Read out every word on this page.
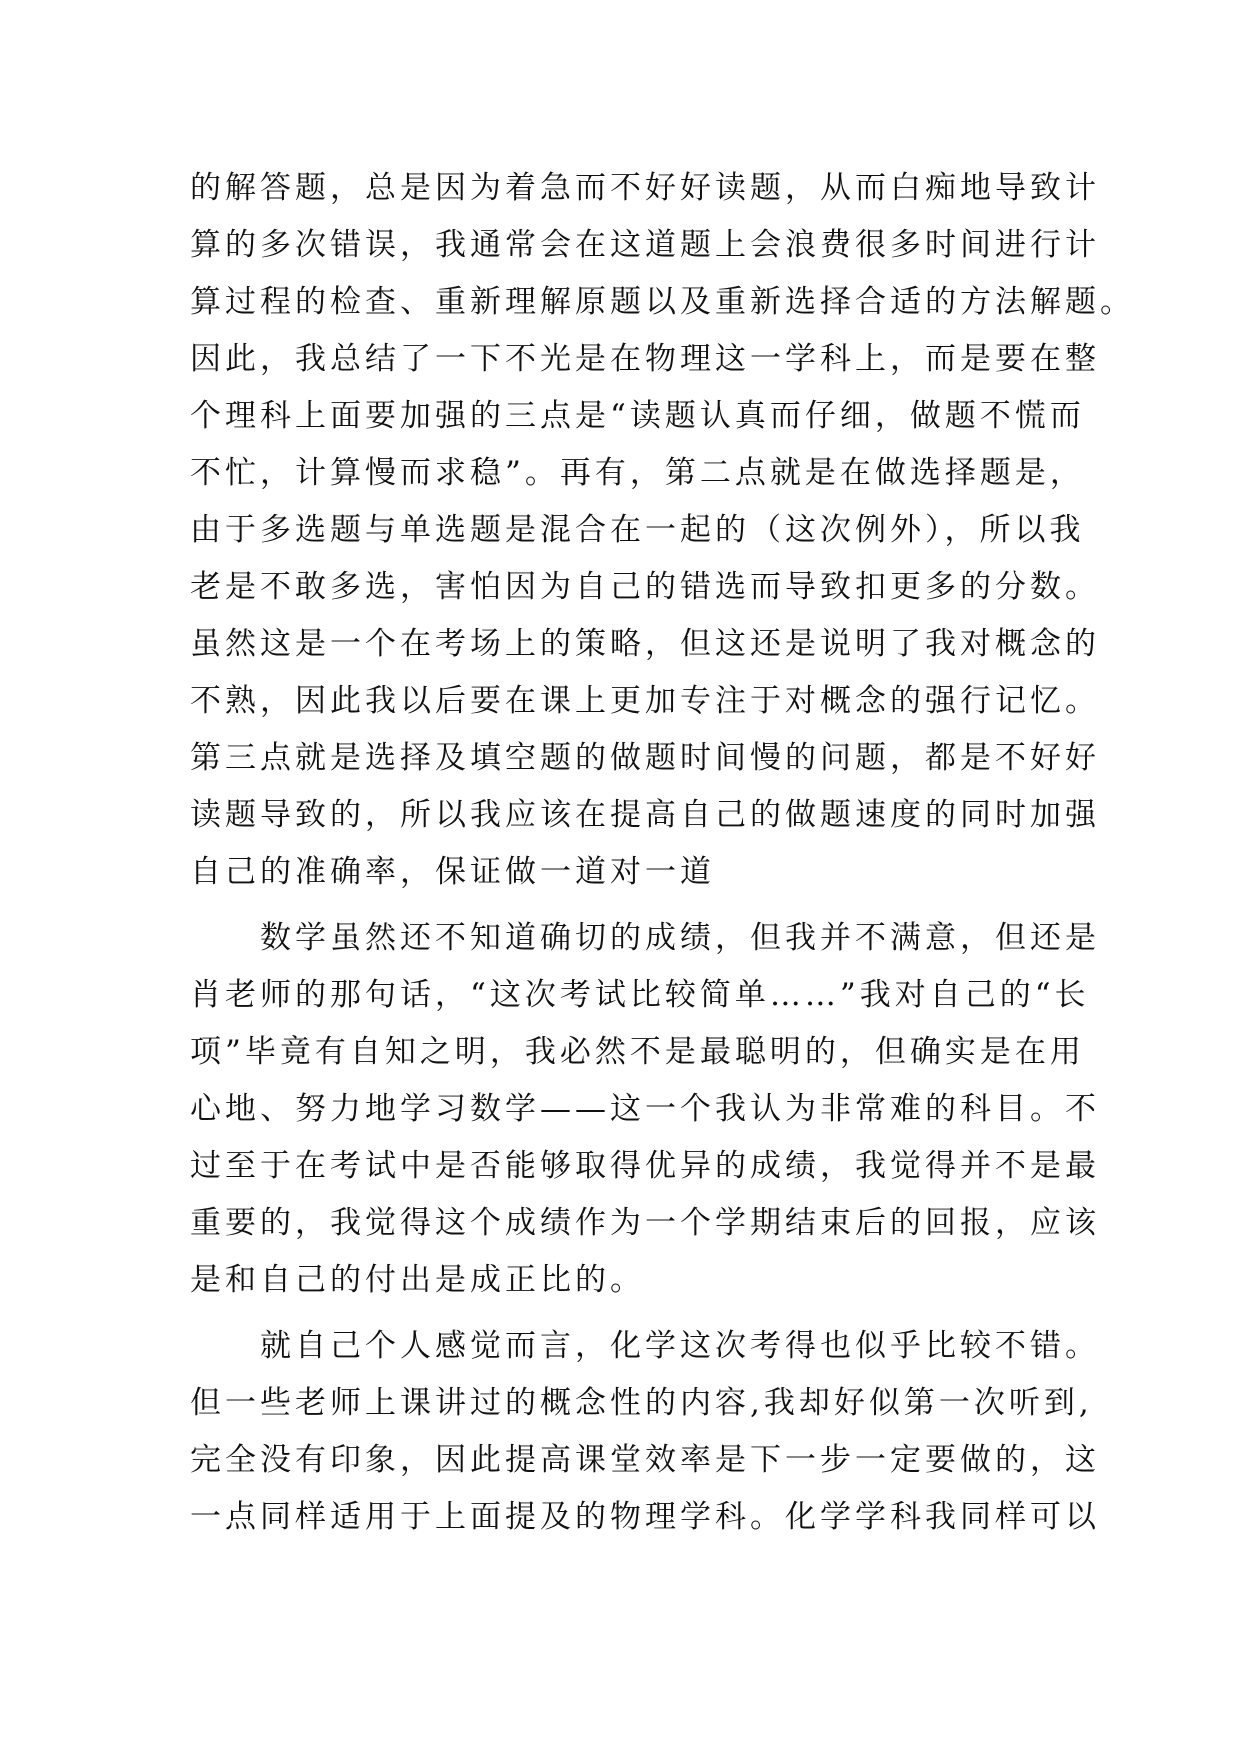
的解答题，总是因为着急而不好好读题，从而白痴地导致计
算的多次错误，我通常会在这道题上会浪费很多时间进行计
算过程的检查、重新理解原题以及重新选择合适的方法解题。
因此，我总结了一下不光是在物理这一学科上，而是要在整
个理科上面要加强的三点是“读题认真而仔细，做题不慌而
不忙，计算慢而求稳”。再有，第二点就是在做选择题是，
由于多选题与单选题是混合在一起的（这次例外），所以我
老是不敢多选，害怕因为自己的错选而导致扣更多的分数。
虽然这是一个在考场上的策略，但这还是说明了我对概念的
不熟，因此我以后要在课上更加专注于对概念的强行记忆。
第三点就是选择及填空题的做题时间慢的问题，都是不好好
读题导致的，所以我应该在提高自己的做题速度的同时加强
自己的准确率，保证做一道对一道
　　数学虽然还不知道确切的成绩，但我并不满意，但还是
肖老师的那句话，“这次考试比较简单……”我对自己的“长
项”毕竟有自知之明，我必然不是最聪明的，但确实是在用
心地、努力地学习数学——这一个我认为非常难的科目。不
过至于在考试中是否能够取得优异的成绩，我觉得并不是最
重要的，我觉得这个成绩作为一个学期结束后的回报，应该
是和自己的付出是成正比的。
　　就自己个人感觉而言，化学这次考得也似乎比较不错。
但一些老师上课讲过的概念性的内容,我却好似第一次听到,
完全没有印象，因此提高课堂效率是下一步一定要做的，这
一点同样适用于上面提及的物理学科。化学学科我同样可以
